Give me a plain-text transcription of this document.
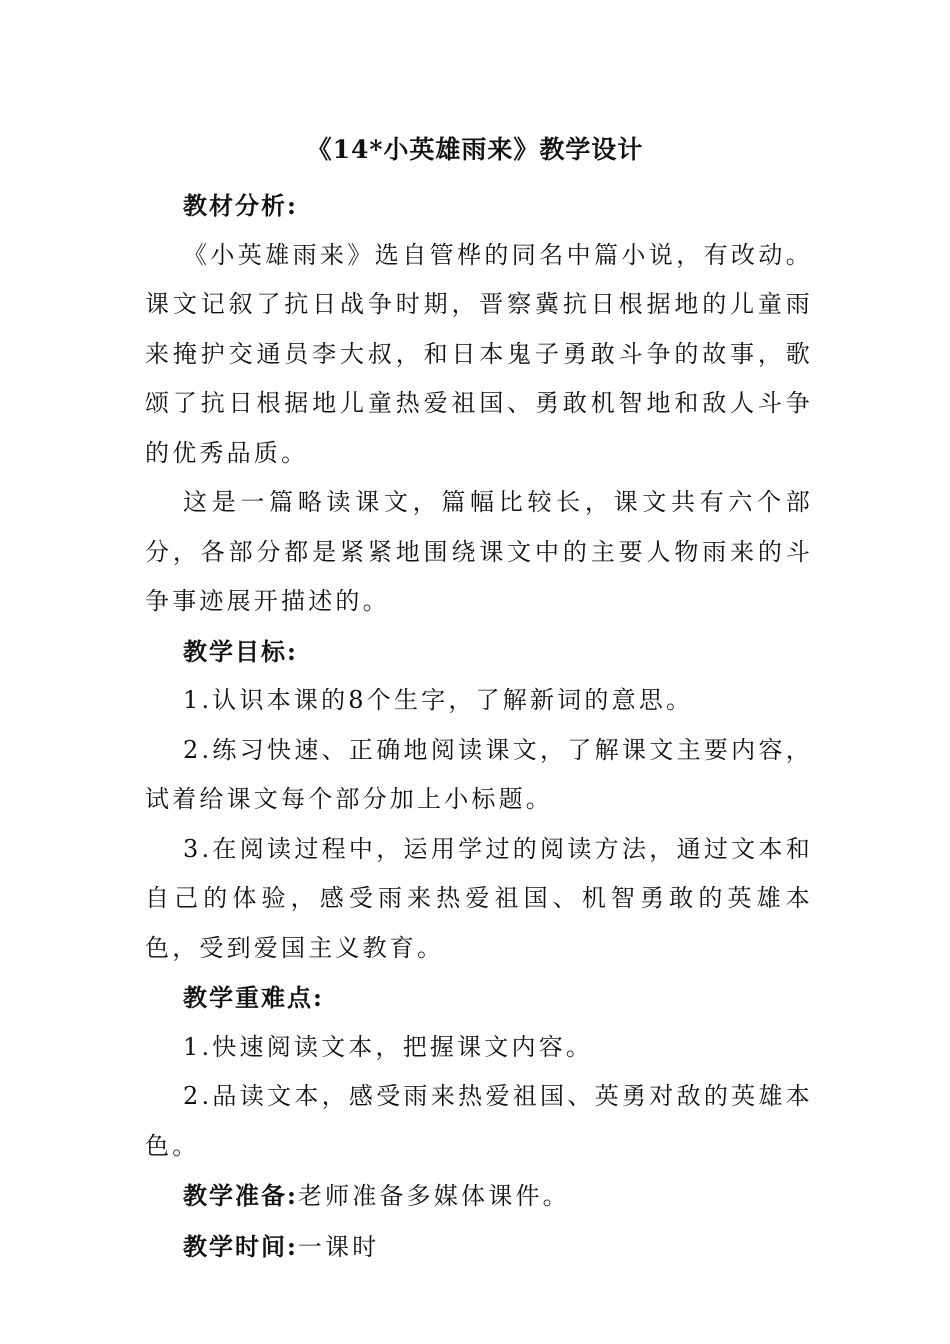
《14*小英雄雨来》教学设计

教材分析:

《小英雄雨来》选自管桦的同名中篇小说，有改动。课文记叙了抗日战争时期，晋察冀抗日根据地的儿童雨来掩护交通员李大叔，和日本鬼子勇敢斗争的故事，歌颂了抗日根据地儿童热爱祖国、勇敢机智地和敌人斗争的优秀品质。

这是一篇略读课文，篇幅比较长，课文共有六个部分，各部分都是紧紧地围绕课文中的主要人物雨来的斗争事迹展开描述的。

教学目标:

1.认识本课的8个生字，了解新词的意思。

2.练习快速、正确地阅读课文，了解课文主要内容，试着给课文每个部分加上小标题。

3.在阅读过程中，运用学过的阅读方法，通过文本和自己的体验，感受雨来热爱祖国、机智勇敢的英雄本色，受到爱国主义教育。

教学重难点:

1.快速阅读文本，把握课文内容。

2.品读文本，感受雨来热爱祖国、英勇对敌的英雄本色。

教学准备:老师准备多媒体课件。

教学时间:一课时
